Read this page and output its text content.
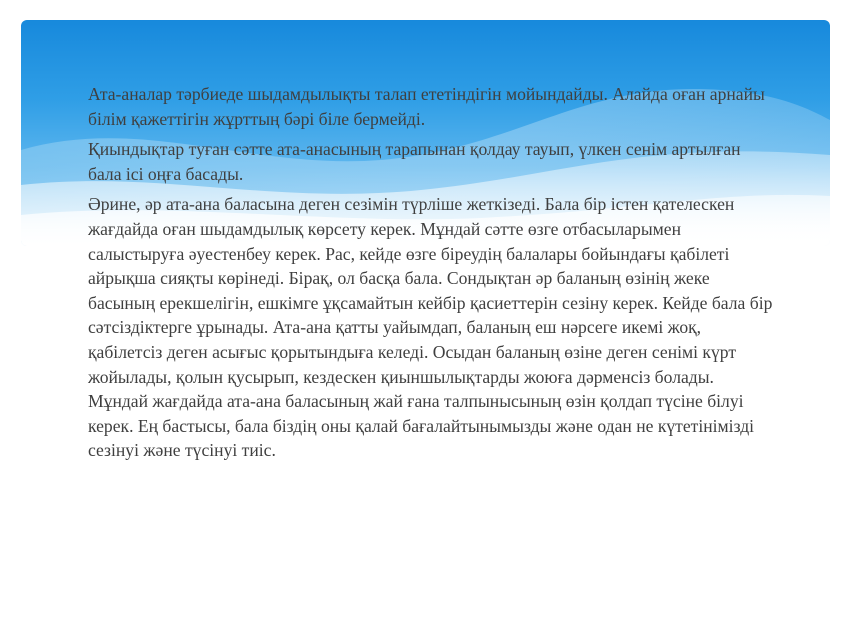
Ата-аналар тәрбиеде шыдамдылықты талап ететіндігін мойындайды. Алайда оған арнайы білім қажеттігін жұрттың бәрі біле бермейді.

Қиындықтар туған сәтте ата-анасының тарапынан қолдау тауып, үлкен сенім артылған бала ісі оңға басады.

Әрине, әр ата-ана баласына деген сезімін түрліше жеткізеді. Бала бір істен қателескен жағдайда оған шыдамдылық көрсету керек. Мұндай сәтте өзге отбасыларымен салыстыруға әуестенбеу керек. Рас, кейде өзге біреудің балалары бойындағы қабілеті айрықша сияқты көрінеді. Бірақ, ол басқа бала. Сондықтан әр баланың өзінің жеке басының ерекшелігін, ешкімге ұқсамайтын кейбір қасиеттерін сезіну керек. Кейде бала бір сәтсіздіктерге ұрынады. Ата-ана қатты уайымдап, баланың еш нәрсеге икемі жоқ, қабілетсіз деген асығыс қорытындыға келеді. Осыдан баланың өзіне деген сенімі күрт жойылады, қолын қусырып, кездескен қиыншылықтарды жоюға дәрменсіз болады. Мұндай жағдайда ата-ана баласының жай ғана талпынысының өзін қолдап түсіне білуі керек. Ең бастысы, бала біздің оны қалай бағалайтынымызды және одан не күтетінімізді сезінуі және түсінуі тиіс.
